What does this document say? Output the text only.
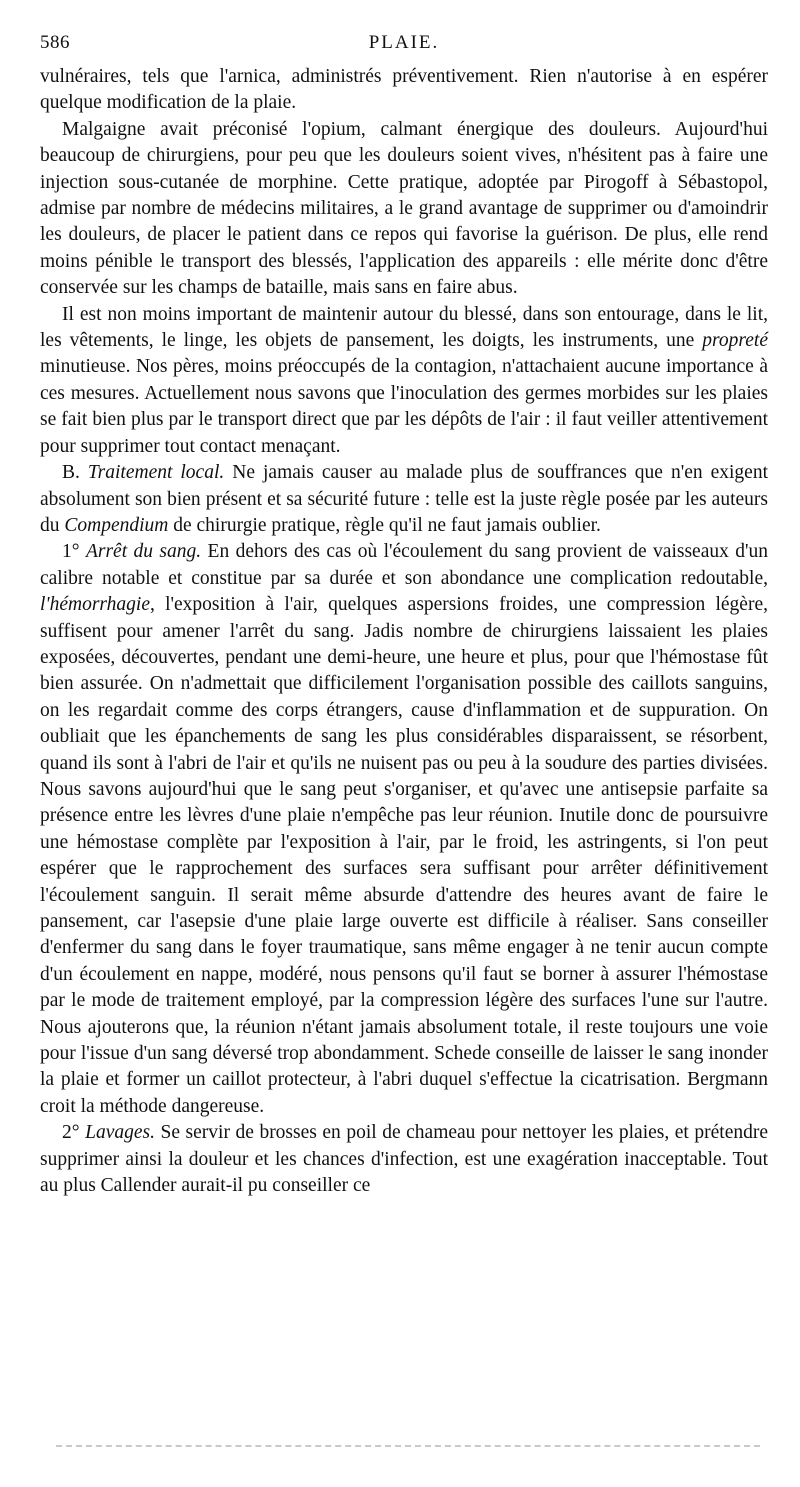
586	PLAIE.

vulnéraires, tels que l'arnica, administrés préventivement. Rien n'autorise à en espérer quelque modification de la plaie.

Malgaigne avait préconisé l'opium, calmant énergique des douleurs. Aujourd'hui beaucoup de chirurgiens, pour peu que les douleurs soient vives, n'hésitent pas à faire une injection sous-cutanée de morphine. Cette pratique, adoptée par Pirogoff à Sébastopol, admise par nombre de médecins militaires, a le grand avantage de supprimer ou d'amoindrir les douleurs, de placer le patient dans ce repos qui favorise la guérison. De plus, elle rend moins pénible le transport des blessés, l'application des appareils : elle mérite donc d'être conservée sur les champs de bataille, mais sans en faire abus.

Il est non moins important de maintenir autour du blessé, dans son entourage, dans le lit, les vêtements, le linge, les objets de pansement, les doigts, les instruments, une propreté minutieuse. Nos pères, moins préoccupés de la contagion, n'attachaient aucune importance à ces mesures. Actuellement nous savons que l'inoculation des germes morbides sur les plaies se fait bien plus par le transport direct que par les dépôts de l'air : il faut veiller attentivement pour supprimer tout contact menaçant.

B. Traitement local. Ne jamais causer au malade plus de souffrances que n'en exigent absolument son bien présent et sa sécurité future : telle est la juste règle posée par les auteurs du Compendium de chirurgie pratique, règle qu'il ne faut jamais oublier.

1° Arrêt du sang. En dehors des cas où l'écoulement du sang provient de vaisseaux d'un calibre notable et constitue par sa durée et son abondance une complication redoutable, l'hémorrhagie, l'exposition à l'air, quelques aspersions froides, une compression légère, suffisent pour amener l'arrêt du sang. Jadis nombre de chirurgiens laissaient les plaies exposées, découvertes, pendant une demi-heure, une heure et plus, pour que l'hémostase fût bien assurée. On n'admettait que difficilement l'organisation possible des caillots sanguins, on les regardait comme des corps étrangers, cause d'inflammation et de suppuration. On oubliait que les épanchements de sang les plus considérables disparaissent, se résorbent, quand ils sont à l'abri de l'air et qu'ils ne nuisent pas ou peu à la soudure des parties divisées. Nous savons aujourd'hui que le sang peut s'organiser, et qu'avec une antisepsie parfaite sa présence entre les lèvres d'une plaie n'empêche pas leur réunion. Inutile donc de poursuivre une hémostase complète par l'exposition à l'air, par le froid, les astringents, si l'on peut espérer que le rapprochement des surfaces sera suffisant pour arrêter définitivement l'écoulement sanguin. Il serait même absurde d'attendre des heures avant de faire le pansement, car l'asepsie d'une plaie large ouverte est difficile à réaliser. Sans conseiller d'enfermer du sang dans le foyer traumatique, sans même engager à ne tenir aucun compte d'un écoulement en nappe, modéré, nous pensons qu'il faut se borner à assurer l'hémostase par le mode de traitement employé, par la compression légère des surfaces l'une sur l'autre. Nous ajouterons que, la réunion n'étant jamais absolument totale, il reste toujours une voie pour l'issue d'un sang déversé trop abondamment. Schede conseille de laisser le sang inonder la plaie et former un caillot protecteur, à l'abri duquel s'effectue la cicatrisation. Bergmann croit la méthode dangereuse.

2° Lavages. Se servir de brosses en poil de chameau pour nettoyer les plaies, et prétendre supprimer ainsi la douleur et les chances d'infection, est une exagération inacceptable. Tout au plus Callender aurait-il pu conseiller ce
